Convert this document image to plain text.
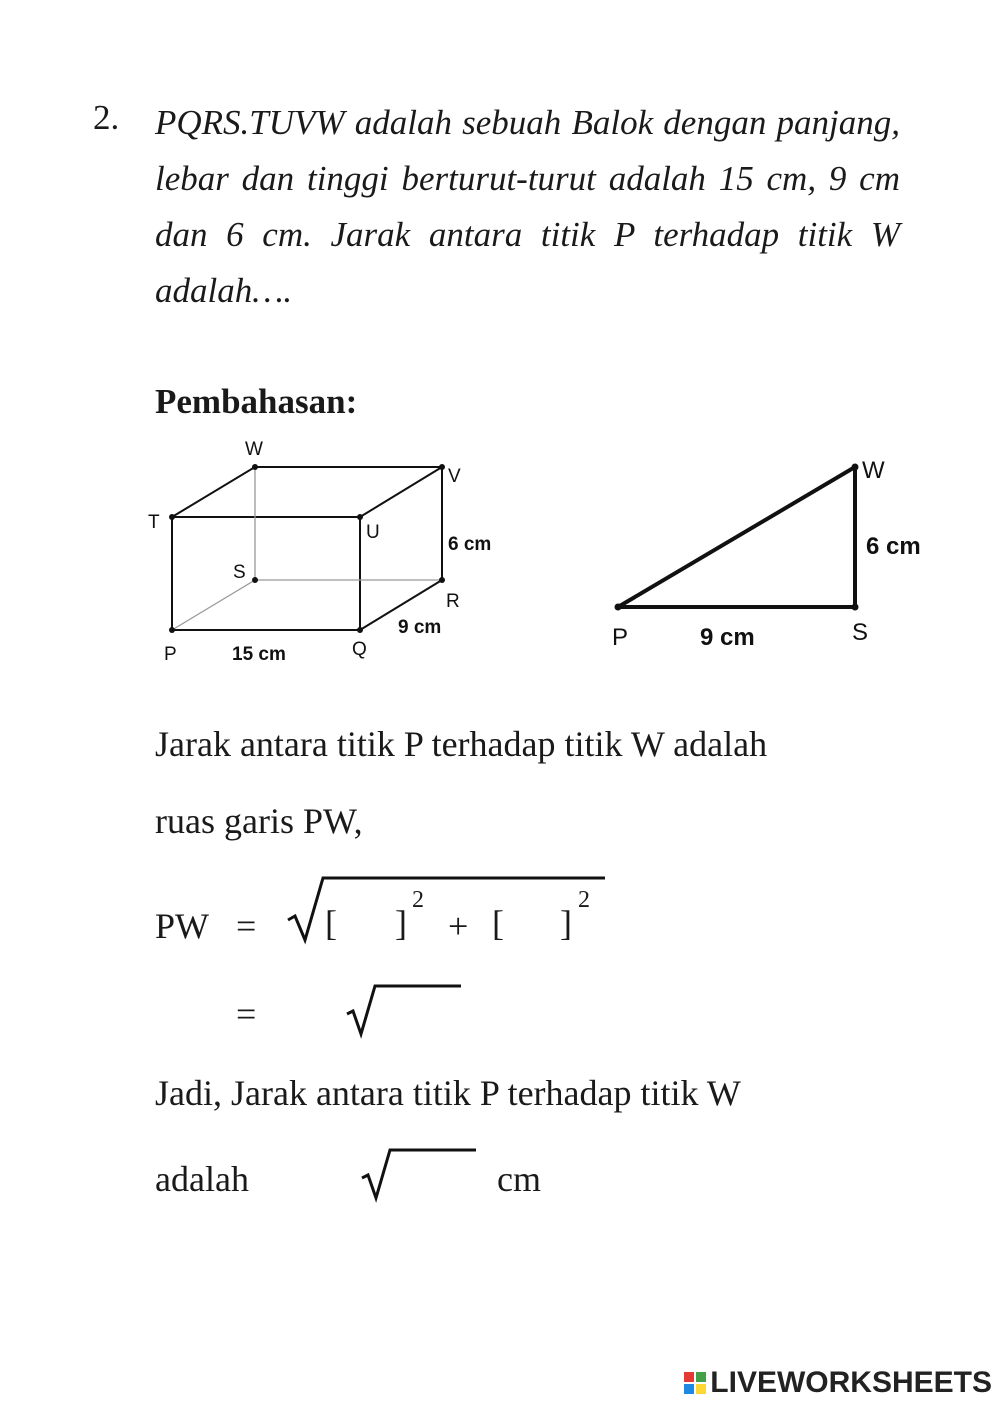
2. PQRS.TUVW adalah sebuah Balok dengan panjang, lebar dan tinggi berturut-turut adalah 15 cm, 9 cm dan 6 cm. Jarak antara titik P terhadap titik W adalah….
Pembahasan:
W
V
T	U
S
R
P	Q
15 cm
9 cm
6 cm
W
P	S
9 cm
6 cm
Jarak antara titik P terhadap titik W adalah
ruas garis PW,
PW = [ ]
2
+ [ ]
2
=
Jadi, Jarak antara titik P terhadap titik W
adalah	cm
LIVEWORKSHEETS
